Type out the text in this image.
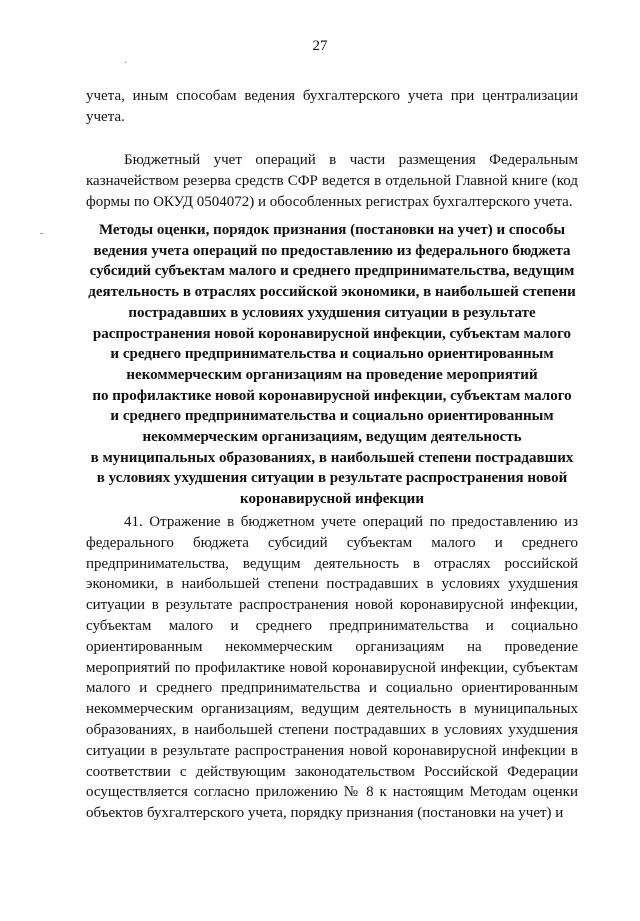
27
·
-

учета, иным способам ведения бухгалтерского учета при централизации учета.

Бюджетный учет операций в части размещения Федеральным казначейством резерва средств СФР ведется в отдельной Главной книге (код формы по ОКУД 0504072) и обособленных регистрах бухгалтерского учета.

Методы оценки, порядок признания (постановки на учет) и способы
ведения учета операций по предоставлению из федерального бюджета
субсидий субъектам малого и среднего предпринимательства, ведущим
деятельность в отраслях российской экономики, в наибольшей степени
пострадавших в условиях ухудшения ситуации в результате
распространения новой коронавирусной инфекции, субъектам малого
и среднего предпринимательства и социально ориентированным
некоммерческим организациям на проведение мероприятий
по профилактике новой коронавирусной инфекции, субъектам малого
и среднего предпринимательства и социально ориентированным
некоммерческим организациям, ведущим деятельность
в муниципальных образованиях, в наибольшей степени пострадавших
в условиях ухудшения ситуации в результате распространения новой
коронавирусной инфекции

41. Отражение в бюджетном учете операций по предоставлению из федерального бюджета субсидий субъектам малого и среднего предпринимательства, ведущим деятельность в отраслях российской экономики, в наибольшей степени пострадавших в условиях ухудшения ситуации в результате распространения новой коронавирусной инфекции, субъектам малого и среднего предпринимательства и социально ориентированным некоммерческим организациям на проведение мероприятий по профилактике новой коронавирусной инфекции, субъектам малого и среднего предпринимательства и социально ориентированным некоммерческим организациям, ведущим деятельность в муниципальных образованиях, в наибольшей степени пострадавших в условиях ухудшения ситуации в результате распространения новой коронавирусной инфекции в соответствии с действующим законодательством Российской Федерации осуществляется согласно приложению № 8 к настоящим Методам оценки объектов бухгалтерского учета, порядку признания (постановки на учет) и
